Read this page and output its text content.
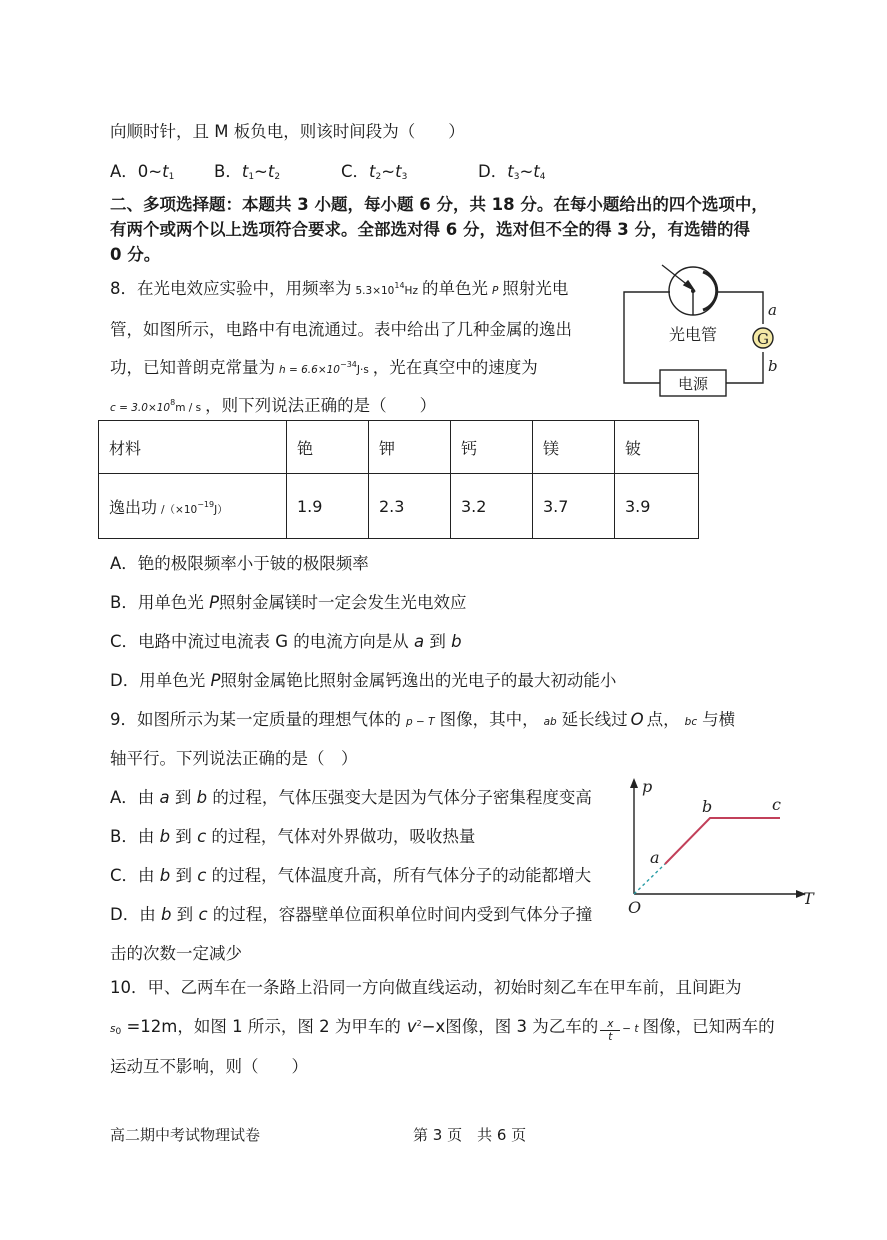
向顺时针，且 M 板负电，则该时间段为（　　）
A．$0\sim t_1$ B．$t_1\sim t_2$	C．$t_2\sim t_3$	D．$t_3\sim t_4$
二、多项选择题：本题共 3 小题，每小题 6 分，共 18 分。在每小题给出的四个选项中，
有两个或两个以上选项符合要求。全部选对得 6 分，选对但不全的得 3 分，有选错的得
0 分。
8．在光电效应实验中，用频率为 $5.3\times 10^{14}Hz$ 的单色光 P 照射光电
管，如图所示，电路中有电流通过。表中给出了几种金属的逸出
功，已知普朗克常量为 $h = 6.6\times 10^{-34}J\cdot s$ ，光在真空中的速度为
$c = 3.0\times 10^8m / s$ ，则下列说法正确的是（　　）
光电管
电源
G
a
b
材料	铯	钾	钙	镁	铍
逸出功 $/(\times 10^{-19}J)$	1.9	2.3	3.2	3.7	3.9
A．铯的极限频率小于铍的极限频率
B．用单色光 P照射金属镁时一定会发生光电效应
C．电路中流过电流表 G 的电流方向是从 a 到 b
D．用单色光 P照射金属铯比照射金属钙逸出的光电子的最大初动能小
9．如图所示为某一定质量的理想气体的 p − T 图像，其中， ab 延长线过 O 点， bc 与横
轴平行。下列说法正确的是（　）
A．由 a 到 b 的过程，气体压强变大是因为气体分子密集程度变高
B．由 b 到 c 的过程，气体对外界做功，吸收热量
C．由 b 到 c 的过程，气体温度升高，所有气体分子的动能都增大
D．由 b 到 c 的过程，容器壁单位面积单位时间内受到气体分子撞
击的次数一定减少
p
T
O
a
b	c
10．甲、乙两车在一条路上沿同一方向做直线运动，初始时刻乙车在甲车前，且间距为
$s_0 =12m$，如图 1 所示，图 2 为甲车的 $v^2-x$图像，图 3 为乙车的 $\frac{x}{t} - t$ 图像，已知两车的
运动互不影响，则（　　）
高二期中考试物理试卷	第 3 页　共 6 页
